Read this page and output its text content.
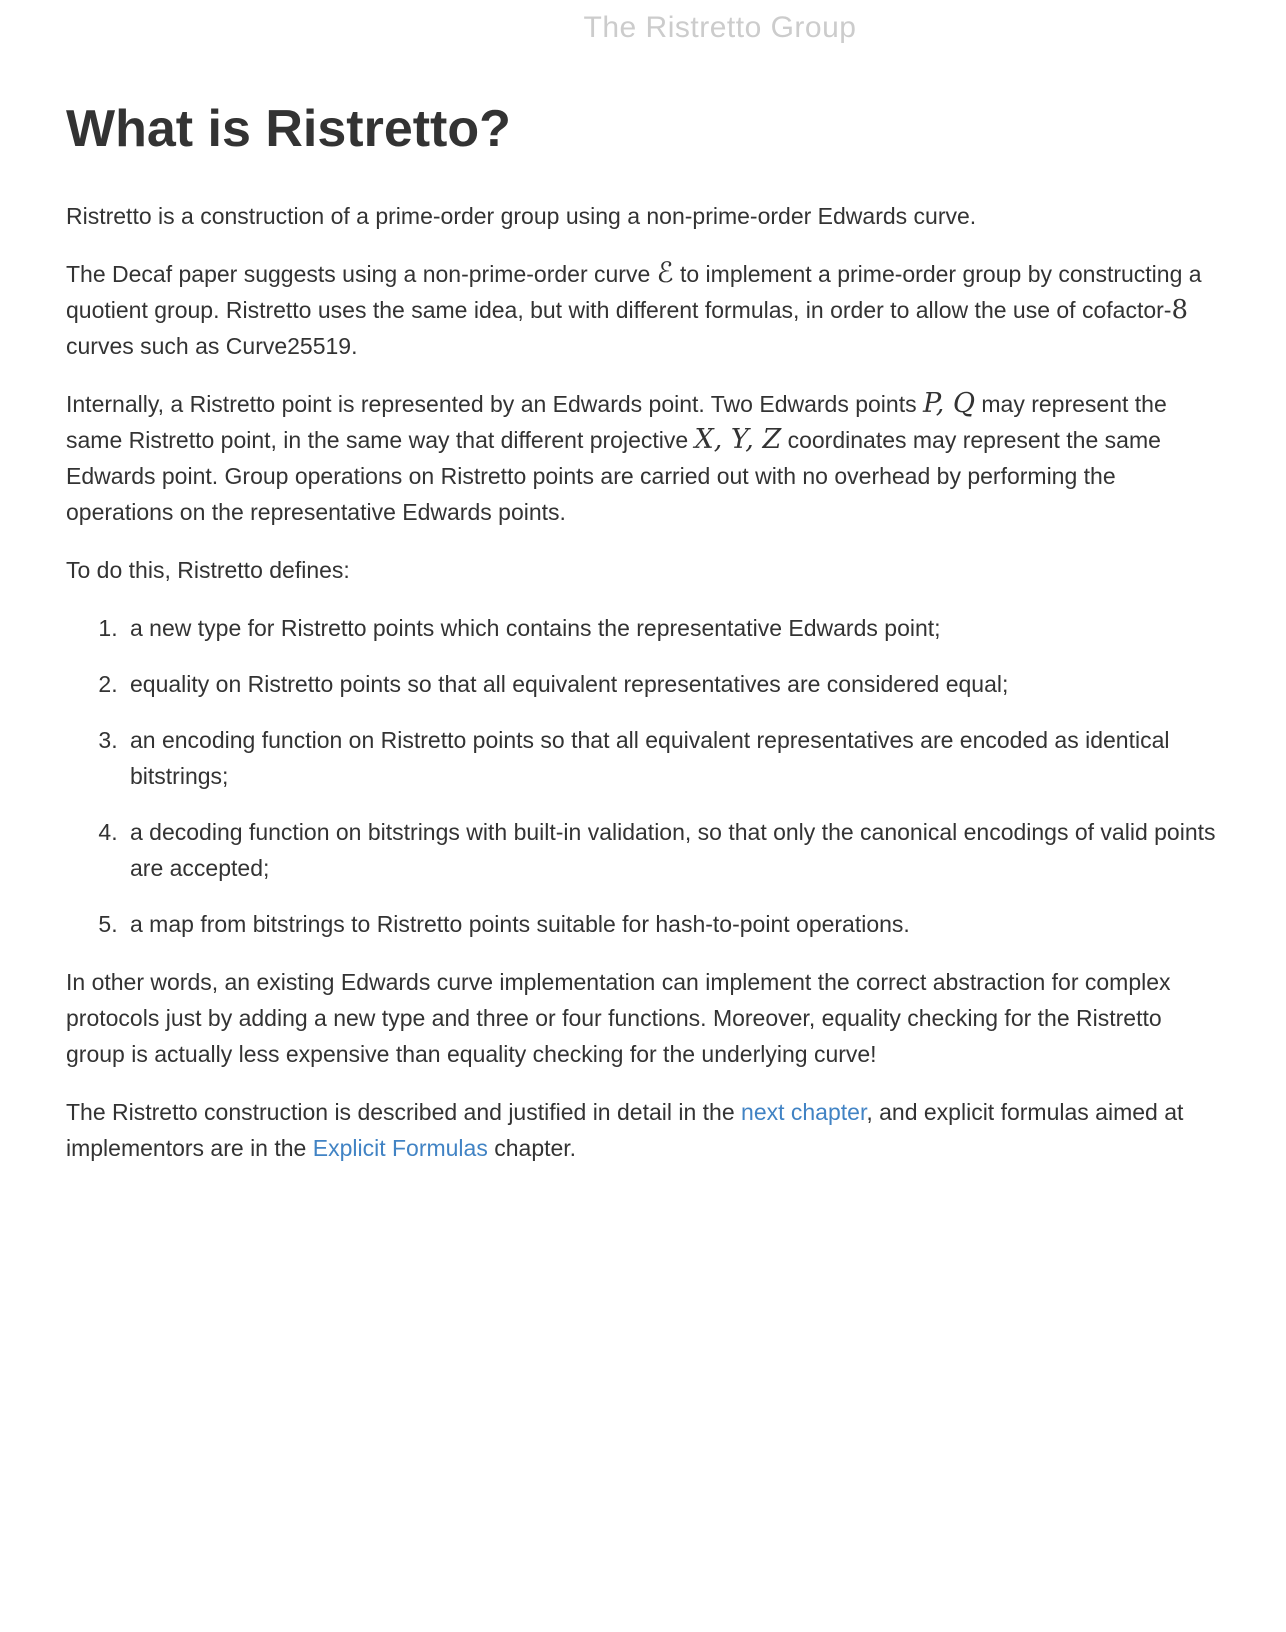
The Ristretto Group
What is Ristretto?

Ristretto is a construction of a prime-order group using a non-prime-order Edwards curve.

The Decaf paper suggests using a non-prime-order curve ℰ to implement a prime-order group by constructing a quotient group. Ristretto uses the same idea, but with different formulas, in order to allow the use of cofactor-8 curves such as Curve25519.

Internally, a Ristretto point is represented by an Edwards point. Two Edwards points P, Q may represent the same Ristretto point, in the same way that different projective X, Y, Z coordinates may represent the same Edwards point. Group operations on Ristretto points are carried out with no overhead by performing the operations on the representative Edwards points.

To do this, Ristretto defines:

1. a new type for Ristretto points which contains the representative Edwards point;
2. equality on Ristretto points so that all equivalent representatives are considered equal;
3. an encoding function on Ristretto points so that all equivalent representatives are encoded as identical bitstrings;
4. a decoding function on bitstrings with built-in validation, so that only the canonical encodings of valid points are accepted;
5. a map from bitstrings to Ristretto points suitable for hash-to-point operations.

In other words, an existing Edwards curve implementation can implement the correct abstraction for complex protocols just by adding a new type and three or four functions. Moreover, equality checking for the Ristretto group is actually less expensive than equality checking for the underlying curve!

The Ristretto construction is described and justified in detail in the next chapter, and explicit formulas aimed at implementors are in the Explicit Formulas chapter.
